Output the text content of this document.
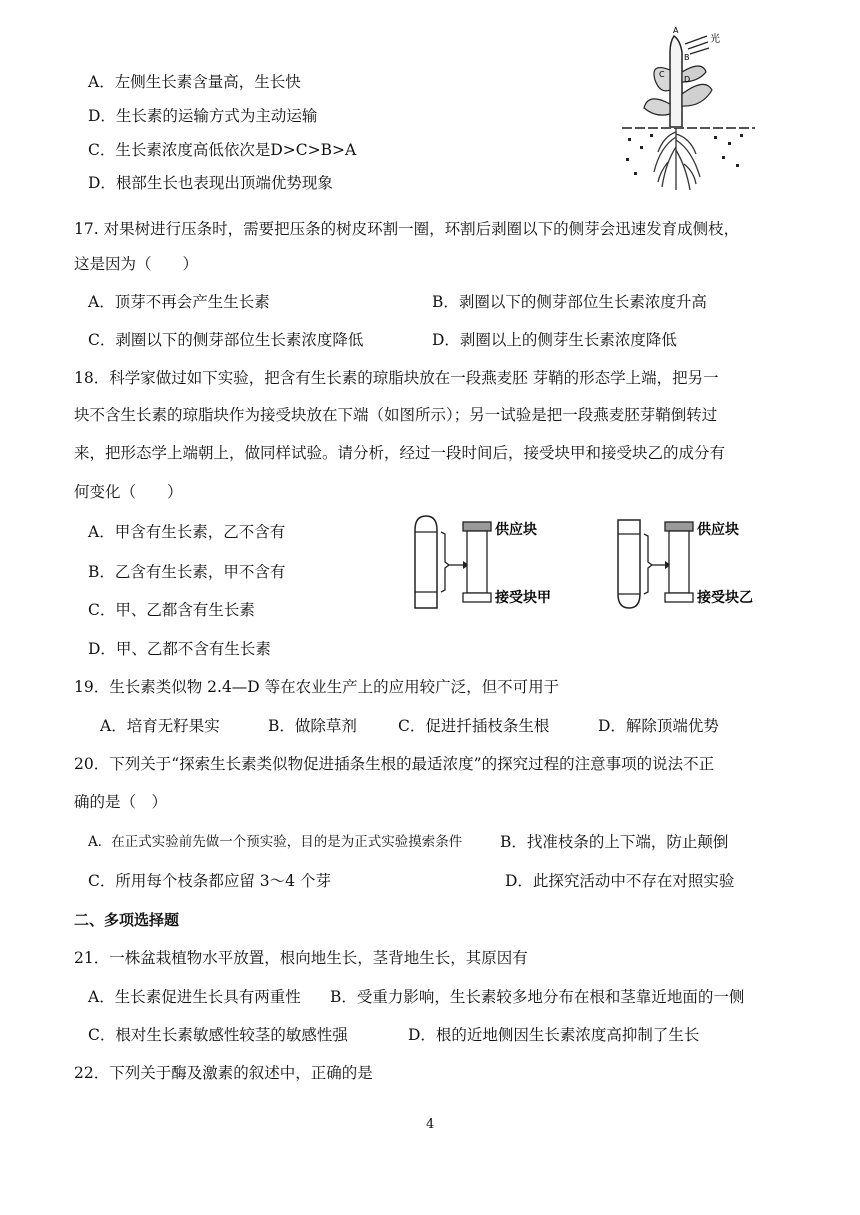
A．左侧生长素含量高，生长快
D．生长素的运输方式为主动运输
C．生长素浓度高低依次是D>C>B>A
D．根部生长也表现出顶端优势现象
光
A
B
C
D
17. 对果树进行压条时，需要把压条的树皮环割一圈，环割后剥圈以下的侧芽会迅速发育成侧枝，
这是因为（　　）
A．顶芽不再会产生生长素	B．剥圈以下的侧芽部位生长素浓度升高
C．剥圈以下的侧芽部位生长素浓度降低	D．剥圈以上的侧芽生长素浓度降低
18．科学家做过如下实验，把含有生长素的琼脂块放在一段燕麦胚 芽鞘的形态学上端，把另一
块不含生长素的琼脂块作为接受块放在下端（如图所示）；另一试验是把一段燕麦胚芽鞘倒转过
来，把形态学上端朝上，做同样试验。请分析，经过一段时间后，接受块甲和接受块乙的成分有
何变化（　　）
A．甲含有生长素，乙不含有
B．乙含有生长素，甲不含有
C．甲、乙都含有生长素
D．甲、乙都不含有生长素
供应块
接受块甲
供应块
接受块乙
19．生长素类似物 2.4—D 等在农业生产上的应用较广泛，但不可用于
A．培育无籽果实	B．做除草剂	C．促进扦插枝条生根	D．解除顶端优势
20．下列关于“探索生长素类似物促进插条生根的最适浓度”的探究过程的注意事项的说法不正
确的是（　）
A．在正式实验前先做一个预实验，目的是为正式实验摸索条件 B．找准枝条的上下端，防止颠倒
C．所用每个枝条都应留 3～4 个芽	D．此探究活动中不存在对照实验
二、多项选择题
21．一株盆栽植物水平放置，根向地生长，茎背地生长，其原因有
A．生长素促进生长具有两重性 B．受重力影响，生长素较多地分布在根和茎靠近地面的一侧
C．根对生长素敏感性较茎的敏感性强	D．根的近地侧因生长素浓度高抑制了生长
22．下列关于酶及激素的叙述中，正确的是
4
